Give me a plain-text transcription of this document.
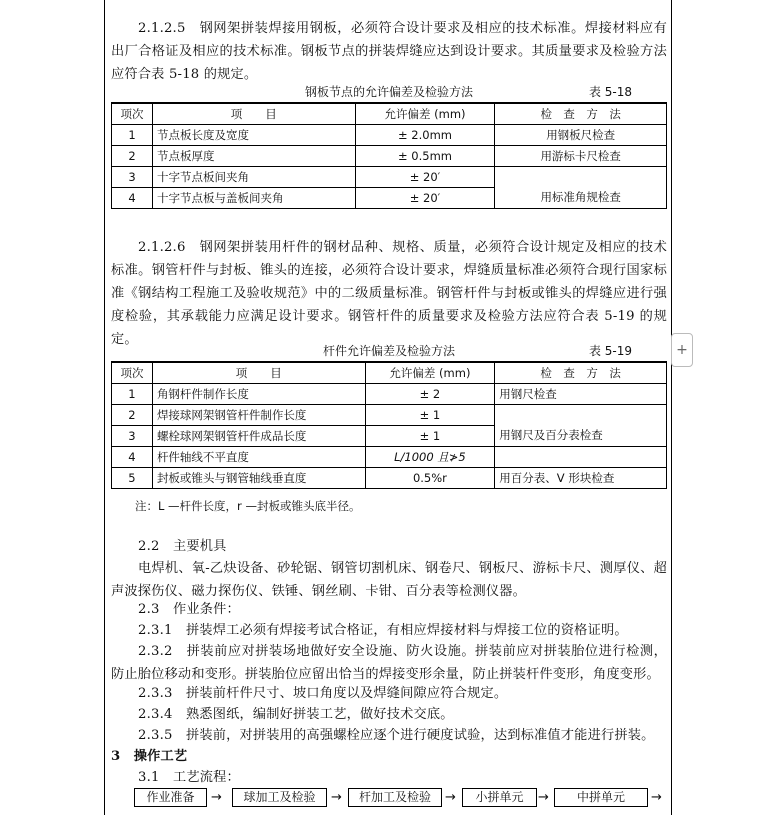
2.1.2.5　钢网架拼装焊接用钢板，必须符合设计要求及相应的技术标准。焊接材料应有出厂合格证及相应的技术标准。钢板节点的拼装焊缝应达到设计要求。其质量要求及检验方法应符合表 5-18 的规定。
钢板节点的允许偏差及检验方法	表 5-18
项次	项　　目	允许偏差 (mm)	检　查　方　法
1	节点板长度及宽度	± 2.0mm	用钢板尺检查
2	节点板厚度	± 0.5mm	用游标卡尺检查
3	十字节点板间夹角	± 20′	
4	十字节点板与盖板间夹角	± 20′	用标准角规检查
2.1.2.6　钢网架拼装用杆件的钢材品种、规格、质量，必须符合设计规定及相应的技术标准。钢管杆件与封板、锥头的连接，必须符合设计要求，焊缝质量标准必须符合现行国家标准《钢结构工程施工及验收规范》中的二级质量标准。钢管杆件与封板或锥头的焊缝应进行强度检验，其承载能力应满足设计要求。钢管杆件的质量要求及检验方法应符合表 5-19 的规定。
杆件允许偏差及检验方法	表 5-19
项次	项　　目	允许偏差 (mm)	检　查　方　法
1	角钢杆件制作长度	± 2	用钢尺检查
2	焊接球网架钢管杆件制作长度	± 1	
3	螺栓球网架钢管杆件成品长度	± 1	用钢尺及百分表检查
4	杆件轴线不平直度	L/1000 且≯5	
5	封板或锥头与钢管轴线垂直度	0.5%r	用百分表、V 形块检查
注：L —杆件长度，r —封板或锥头底半径。
2.2　主要机具
电焊机、氧-乙炔设备、砂轮锯、钢管切割机床、钢卷尺、钢板尺、游标卡尺、测厚仪、超声波探伤仪、磁力探伤仪、铁锤、钢丝刷、卡钳、百分表等检测仪器。
2.3　作业条件：
2.3.1　拼装焊工必须有焊接考试合格证，有相应焊接材料与焊接工位的资格证明。
2.3.2　拼装前应对拼装场地做好安全设施、防火设施。拼装前应对拼装胎位进行检测，防止胎位移动和变形。拼装胎位应留出恰当的焊接变形余量，防止拼装杆件变形，角度变形。
2.3.3　拼装前杆件尺寸、坡口角度以及焊缝间隙应符合规定。
2.3.4　熟悉图纸，编制好拼装工艺，做好技术交底。
2.3.5　拼装前，对拼装用的高强螺栓应逐个进行硬度试验，达到标准值才能进行拼装。
3　操作工艺
3.1　工艺流程：
作业准备	→	球加工及检验	→	杆加工及检验	→	小拼单元	→	中拼单元	→
+
